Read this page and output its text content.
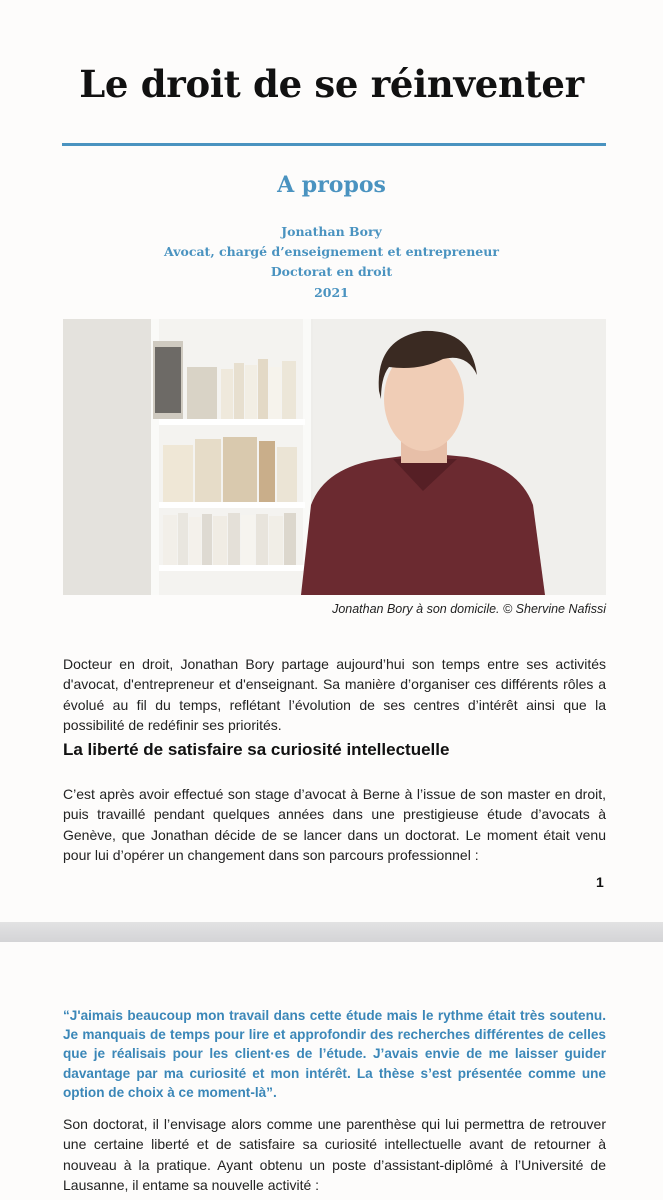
Le droit de se réinventer
A propos
Jonathan Bory
Avocat, chargé d’enseignement et entrepreneur
Doctorat en droit
2021
Jonathan Bory à son domicile. © Shervine Nafissi

Docteur en droit, Jonathan Bory partage aujourd’hui son temps entre ses activités d'avocat, d'entrepreneur et d'enseignant. Sa manière d’organiser ces différents rôles a évolué au fil du temps, reflétant l’évolution de ses centres d’intérêt ainsi que la possibilité de redéfinir ses priorités.

La liberté de satisfaire sa curiosité intellectuelle

C’est après avoir effectué son stage d’avocat à Berne à l’issue de son master en droit, puis travaillé pendant quelques années dans une prestigieuse étude d’avocats à Genève, que Jonathan décide de se lancer dans un doctorat. Le moment était venu pour lui d’opérer un changement dans son parcours professionnel :

1

“J'aimais beaucoup mon travail dans cette étude mais le rythme était très soutenu. Je manquais de temps pour lire et approfondir des recherches différentes de celles que je réalisais pour les client·es de l’étude. J’avais envie de me laisser guider davantage par ma curiosité et mon intérêt. La thèse s’est présentée comme une option de choix à ce moment-là”.

Son doctorat, il l’envisage alors comme une parenthèse qui lui permettra de retrouver une certaine liberté et de satisfaire sa curiosité intellectuelle avant de retourner à nouveau à la pratique. Ayant obtenu un poste d’assistant-diplômé à l’Université de Lausanne, il entame sa nouvelle activité :
